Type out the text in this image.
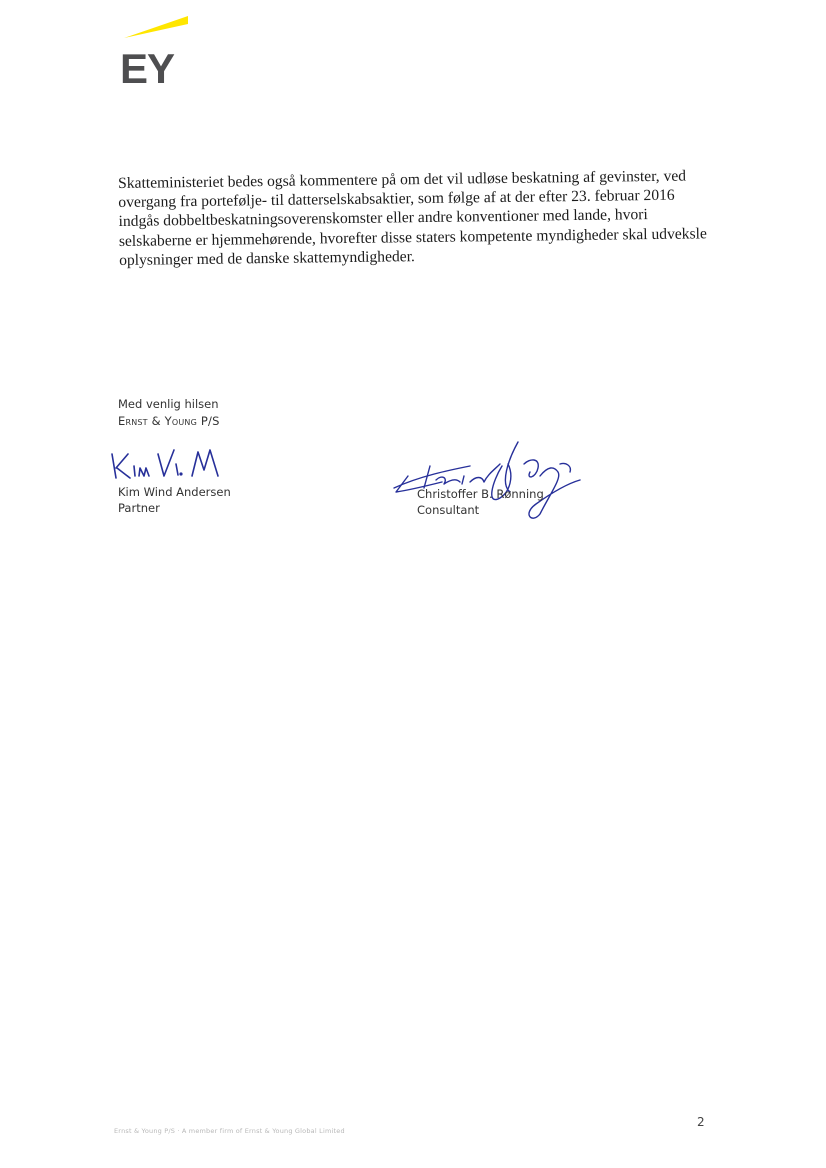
EY

Skatteministeriet bedes også kommentere på om det vil udløse beskatning af gevinster, ved overgang fra portefølje- til datterselskabsaktier, som følge af at der efter 23. februar 2016 indgås dobbeltbeskatningsoverenskomster eller andre konventioner med lande, hvori selskaberne er hjemmehørende, hvorefter disse staters kompetente myndigheder skal udveksle oplysninger med de danske skattemyndigheder.

Med venlig hilsen
Ernst & Young P/S
Kim Wind Andersen
Partner
Christoffer B. Rønning
Consultant
Ernst & Young P/S · A member firm of Ernst & Young Global Limited
2
